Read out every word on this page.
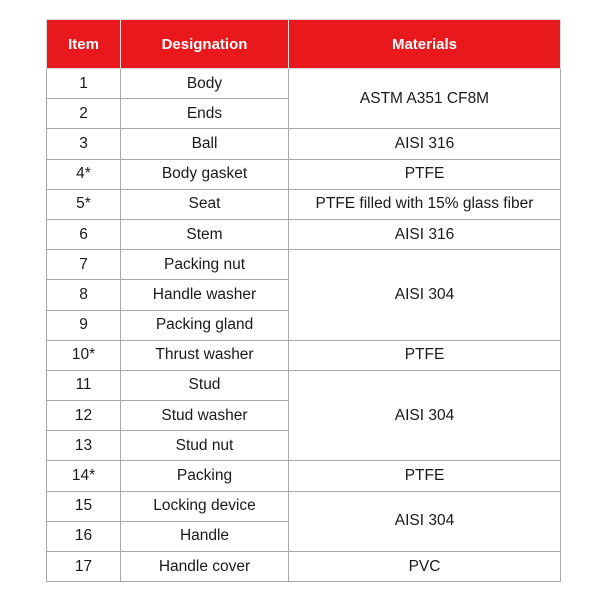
Item	Designation	Materials
1	Body	ASTM A351 CF8M
2	Ends	
3	Ball	AISI 316
4*	Body gasket	PTFE
5*	Seat	PTFE filled with 15% glass fiber
6	Stem	AISI 316
7	Packing nut	AISI 304
8	Handle washer	
9	Packing gland	
10*	Thrust washer	PTFE
11	Stud	AISI 304
12	Stud washer	
13	Stud nut	
14*	Packing	PTFE
15	Locking device	AISI 304
16	Handle	
17	Handle cover	PVC
